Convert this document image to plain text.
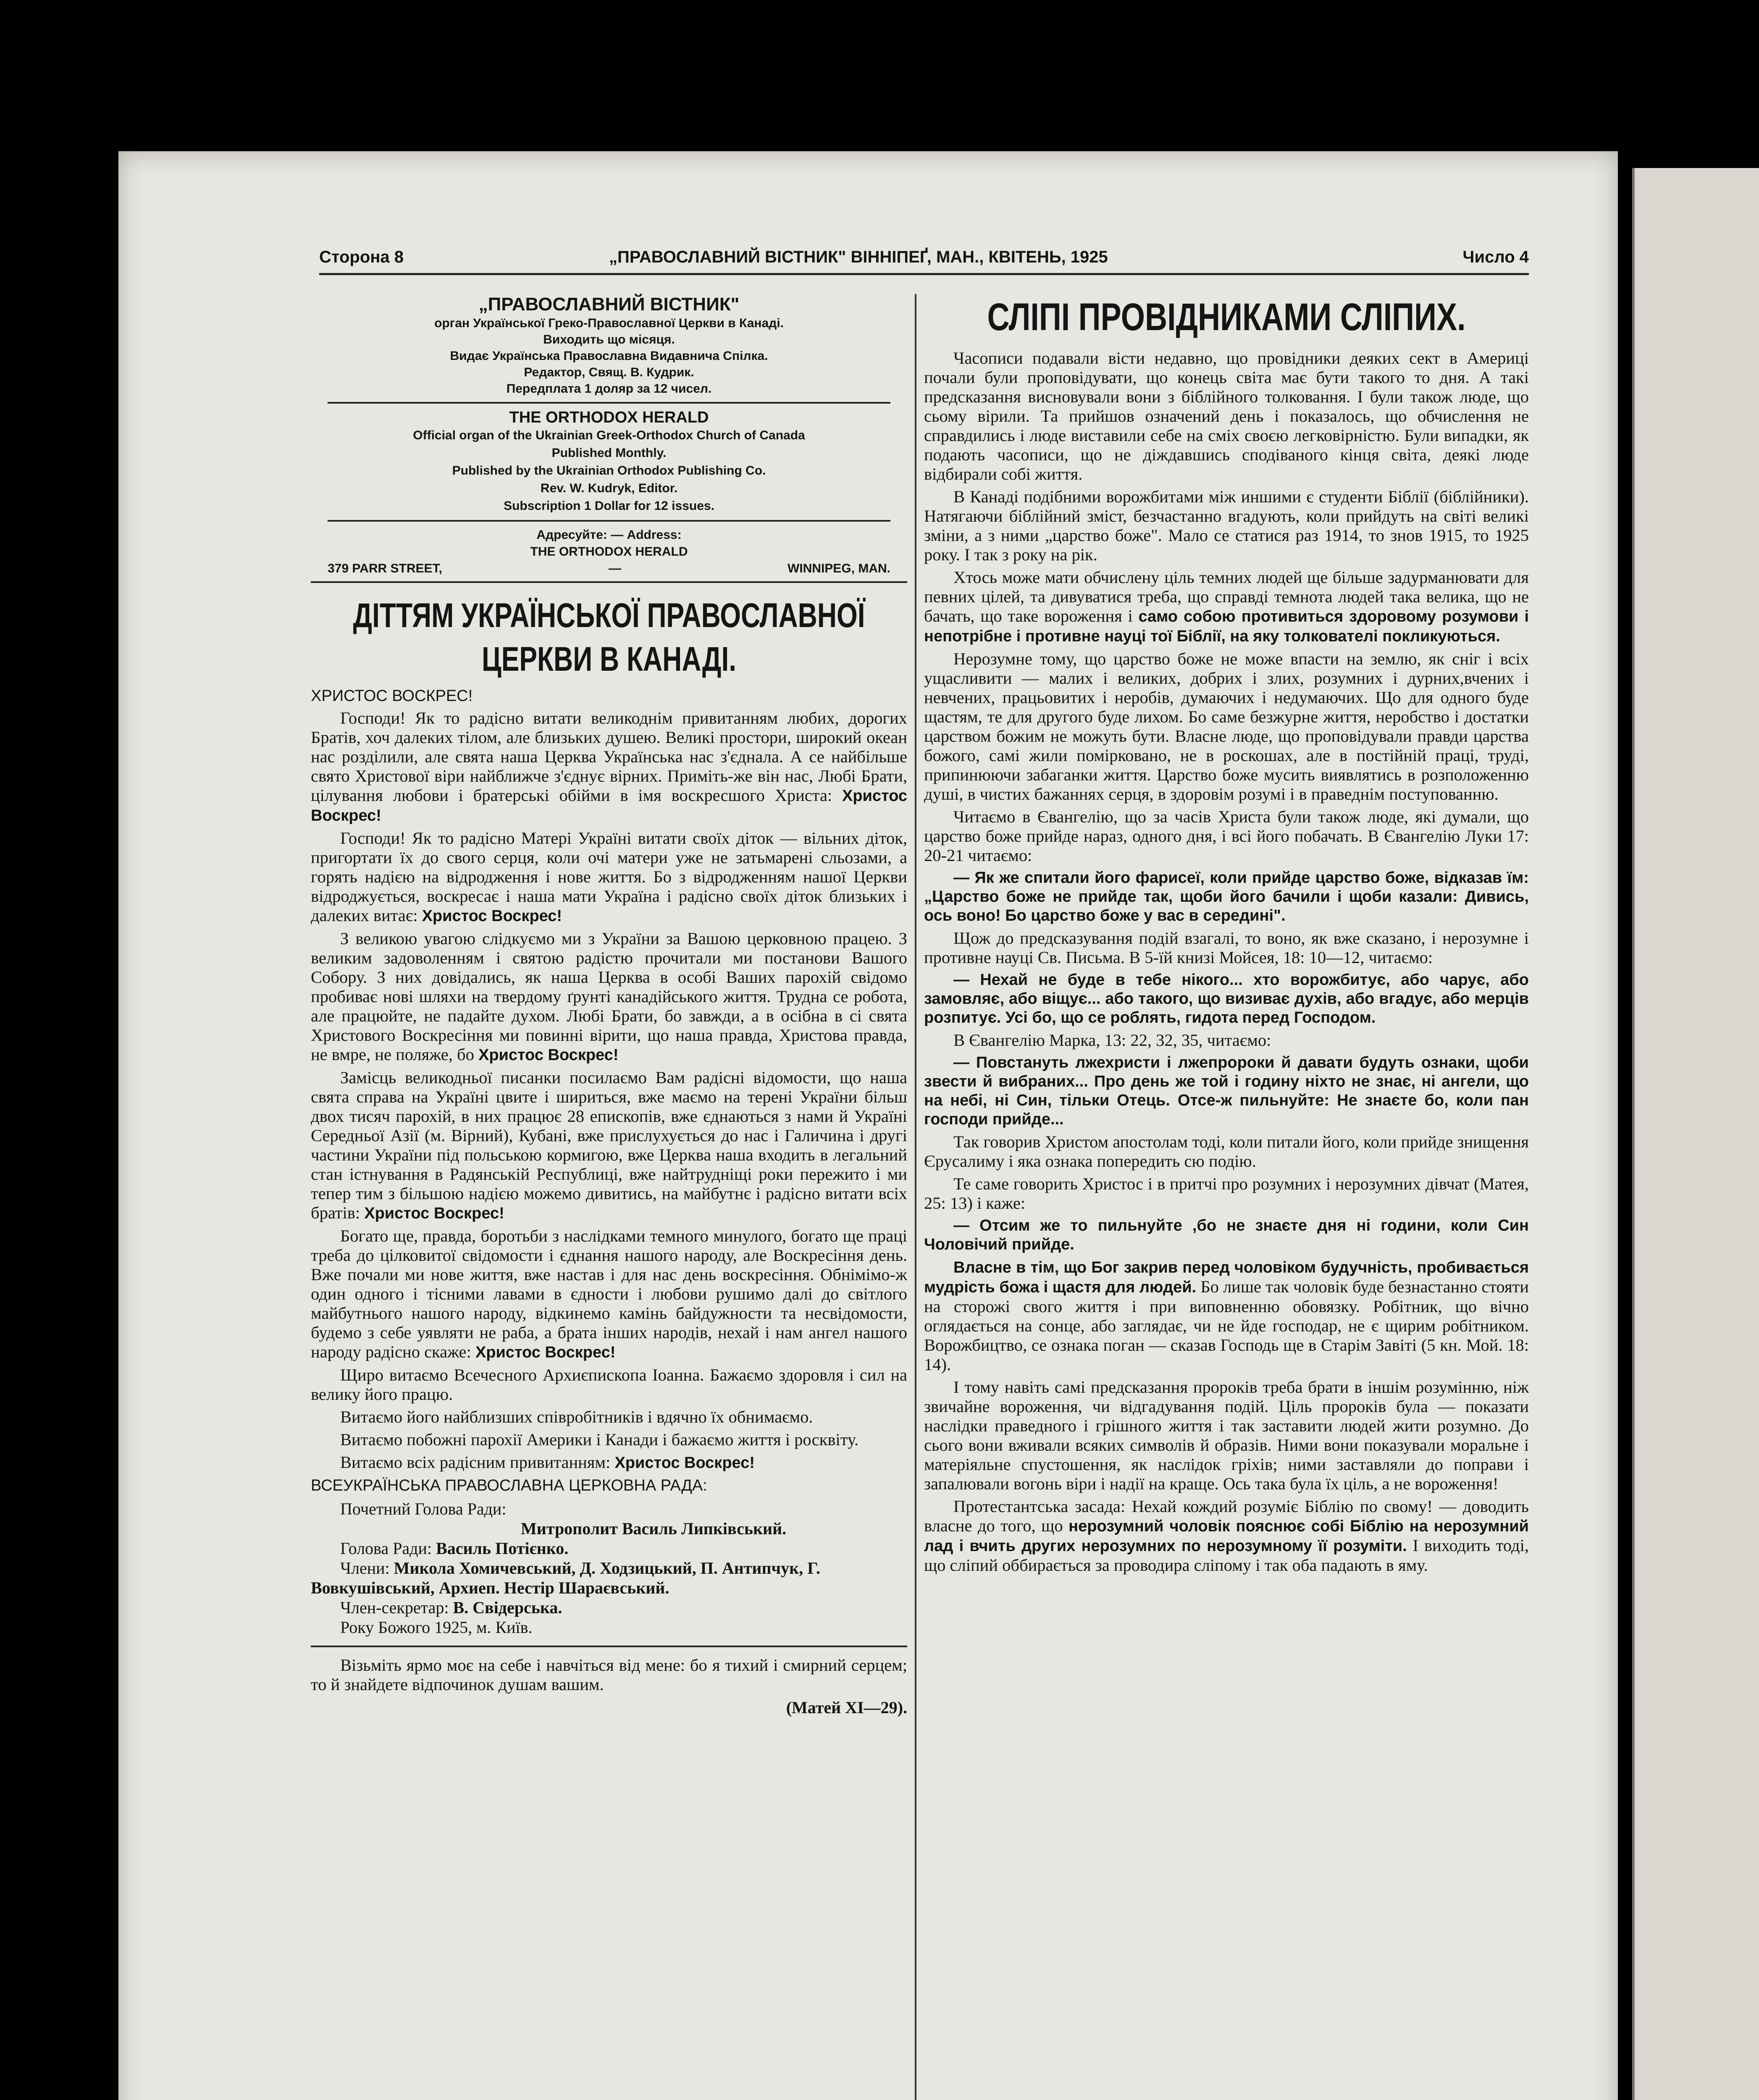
Сторона 8	„ПРАВОСЛАВНИЙ ВІСТНИК" ВІННІПЕҐ, МАН., КВІТЕНЬ, 1925	Число 4
„ПРАВОСЛАВНИЙ ВІСТНИК"
орган Української Греко-Православної Церкви в Канаді.
Виходить що місяця.
Видає Українська Православна Видавнича Спілка.
Редактор, Свящ. В. Кудрик.
Передплата 1 доляр за 12 чисел.
THE ORTHODOX HERALD
Official organ of the Ukrainian Greek-Orthodox Church of Canada
Published Monthly.
Published by the Ukrainian Orthodox Publishing Co.
Rev. W. Kudryk, Editor.
Subscription 1 Dollar for 12 issues.
Адресуйте: — Address:
THE ORTHODOX HERALD
379 PARR STREET,	—	WINNIPEG, MAN.
ДІТТЯМ УКРАЇНСЬКОЇ ПРАВОСЛАВНОЇ
ЦЕРКВИ В КАНАДІ.
ХРИСТОС ВОСКРЕС!

Господи! Як то радісно витати великоднім привитанням любих, дорогих Братів, хоч далеких тілом, але близьких душею. Великі простори, широкий океан нас розділили, але свята наша Церква Українська нас з'єднала. А се найбільше свято Христової віри найближче з'єднує вірних. Приміть-же він нас, Любі Брати, цілування любови і братерські обійми в імя воскресшого Христа: Христос Воскрес!

Господи! Як то радісно Матері Україні витати своїх діток — вільних діток, пригортати їх до свого серця, коли очі матери уже не затьмарені сльозами, а горять надією на відродження і нове життя. Бо з відродженням нашої Церкви відроджується, воскресає і наша мати Україна і радісно своїх діток близьких і далеких витає: Христос Воскрес!

З великою увагою слідкуємо ми з України за Вашою церковною працею. З великим задоволенням і святою радістю прочитали ми постанови Вашого Собору. З них довідались, як наша Церква в особі Ваших парохій свідомо пробиває нові шляхи на твердому ґрунті канадійського життя. Трудна се робота, але працюйте, не падайте духом. Любі Брати, бо завжди, а в осібна в сі свята Христового Воскресіння ми повинні вірити, що наша правда, Христова правда, не вмре, не поляже, бо Христос Воскрес!

Замісць великодньої писанки посилаємо Вам радісні відомости, що наша свята справа на Україні цвите і шириться, вже маємо на терені України більш двох тисяч парохій, в них працює 28 епископів, вже єднаються з нами й Україні Середньої Азії (м. Вірний), Кубані, вже прислухується до нас і Галичина і другі частини України під польською кормигою, вже Церква наша входить в легальний стан істнування в Радянській Республиці, вже найтрудніщі роки пережито і ми тепер тим з більшою надією можемо дивитись, на майбутнє і радісно витати всіх братів: Христос Воскрес!

Богато ще, правда, боротьби з наслідками темного минулого, богато ще праці треба до цілковитої свідомости і єднання нашого народу, але Воскресіння день. Вже почали ми нове життя, вже настав і для нас день воскресіння. Обнімімо-ж один одного і тісними лавами в єдности і любови рушимо далі до світлого майбутнього нашого народу, відкинемо камінь байдужности та несвідомости, будемо з себе уявляти не раба, а брата інших народів, нехай і нам ангел нашого народу радісно скаже: Христос Воскрес!

Щиро витаємо Всечесного Архиєпископа Іоанна. Бажаємо здоровля і сил на велику його працю.

Витаємо його найблизших співробітників і вдячно їх обнимаємо.

Витаємо побожні парохії Америки і Канади і бажаємо життя і росквіту.

Витаємо всіх радісним привитанням: Христос Воскрес!

ВСЕУКРАЇНСЬКА ПРАВОСЛАВНА ЦЕРКОВНА РАДА:
Почетний Голова Ради:
Митрополит Василь Липківський.
Голова Ради: Василь Потієнко.
Члени: Микола Хомичевський, Д. Ходзицький, П. Антипчук, Г. Вовкушівський, Архиеп. Нестір Шараєвський.
Член-секретар: В. Свідерська.
Року Божого 1925, м. Київ.

Візьміть ярмо моє на себе і навчіться від мене: бо я тихий і смирний серцем; то й знайдете відпочинок душам вашим.

(Матей XI—29).
СЛІПІ ПРОВІДНИКАМИ СЛІПИХ.

Часописи подавали вісти недавно, що провідники деяких сект в Америці почали були проповідувати, що конець світа має бути такого то дня. А такі предсказання виснoвували вони з біблійного толковання. І були також люде, що сьому вірили. Та прийшов означений день і показалось, що обчислення не справдились і люде виставили себе на сміх своєю легковірністю. Були випадки, як подають часописи, що не діждавшись сподіваного кінця світа, деякі люде відбирали собі життя.

В Канаді подібними ворожбитами між иншими є студенти Біблії (біблійники). Натягаючи біблійний зміст, безчастанно вгадують, коли прийдуть на світі великі зміни, а з ними „царство боже". Мало се статися раз 1914, то знов 1915, то 1925 року. І так з року на рік.

Хтось може мати обчислену ціль темних людей ще більше задурманювати для певних цілей, та дивуватися треба, що справді темнота людей така велика, що не бачать, що таке вороження і само собою противиться здоровому розумови і непотрібне і противне науці тої Біблії, на яку толкователі покликуються.

Нерозумне тому, що царство боже не може впасти на землю, як сніг і всіх ущасливити — малих і великих, добрих і злих, розумних і дурних,вчених і невчених, працьовитих і неробів, думаючих і недумаючих. Що для одного буде щастям, те для другого буде лихом. Бо саме безжурне життя, неробство і достатки царством божим не можуть бути. Власне люде, що проповідували правди царства божого, самі жили помірковано, не в роскошах, але в постійній праці, труді, припинюючи забаганки життя. Царство боже мусить виявлятись в розположенню душі, в чистих бажаннях серця, в здоровім розумі і в праведнім поступованню.

Читаємо в Євангелію, що за часів Христа були також люде, які думали, що царство боже прийде нараз, одного дня, і всі його побачать. В Євангелію Луки 17: 20-21 читаємо:

— Як же спитали його фарисеї, коли прийде царство боже, відказав їм: „Царство боже не прийде так, щоби його бачили і щоби казали: Дивись, ось воно! Бо царство боже у вас в середині".

Щож до предсказування подій взагалі, то воно, як вже сказано, і нерозумне і противне науці Св. Письма. В 5-їй книзі Мойсея, 18: 10—12, читаємо:

— Нехай не буде в тебе нікого... хто ворожбитує, або чарує, або замовляє, або віщує... або такого, що визиває духів, або вгадує, або мерців розпитує. Усі бо, що се роблять, гидота перед Господом.

В Євангелію Марка, 13: 22, 32, 35, читаємо:

— Повстануть лжехристи і лжепророки й давати будуть ознаки, щоби звести й вибраних... Про день же той і годину ніхто не знає, ні ангели, що на небі, ні Син, тільки Отець. Отсе-ж пильнуйте: Не знаєте бо, коли пан господи прийде...

Так говорив Христом апостолам тоді, коли питали його, коли прийде знищення Єрусалиму і яка ознака попередить сю подію.

Те саме говорить Христос і в притчі про розумних і нерозумних дівчат (Матея, 25: 13) і каже:

— Отсим же то пильнуйте ,бо не знаєте дня ні години, коли Син Чоловічий прийде.

Власне в тім, що Бог закрив перед чоловіком будучність, пробивається мудрість божа і щастя для людей. Бо лише так чоловік буде безнастанно стояти на сторожі свого життя і при виповненню обовязку. Робітник, що вічно оглядається на сонце, або заглядає, чи не йде господар, не є щирим робітником. Ворожбицтво, се ознака поган — сказав Господь ще в Старім Завіті (5 кн. Мой. 18: 14).

І тому навіть самі предсказання пророків треба брати в іншім розумінню, ніж звичайне вороження, чи відгадування подій. Ціль пророків була — показати наслідки праведного і грішного життя і так заставити людей жити розумно. До сього вони вживали всяких символів й образів. Ними вони показували моральне і матеріяльне спустошення, як наслідок гріхів; ними заставляли до поправи і запалювали вогонь віри і надії на краще. Ось така була їх ціль, а не вороження!

Протестантська засада: Нехай кождий розуміє Біблію по свому! — доводить власне до того, що нерозумний чоловік пояснює собі Біблію на нерозумний лад і вчить других нерозумних по нерозумному її розуміти. І виходить тоді, що сліпий оббирається за проводира сліпому і так оба падають в яму.
